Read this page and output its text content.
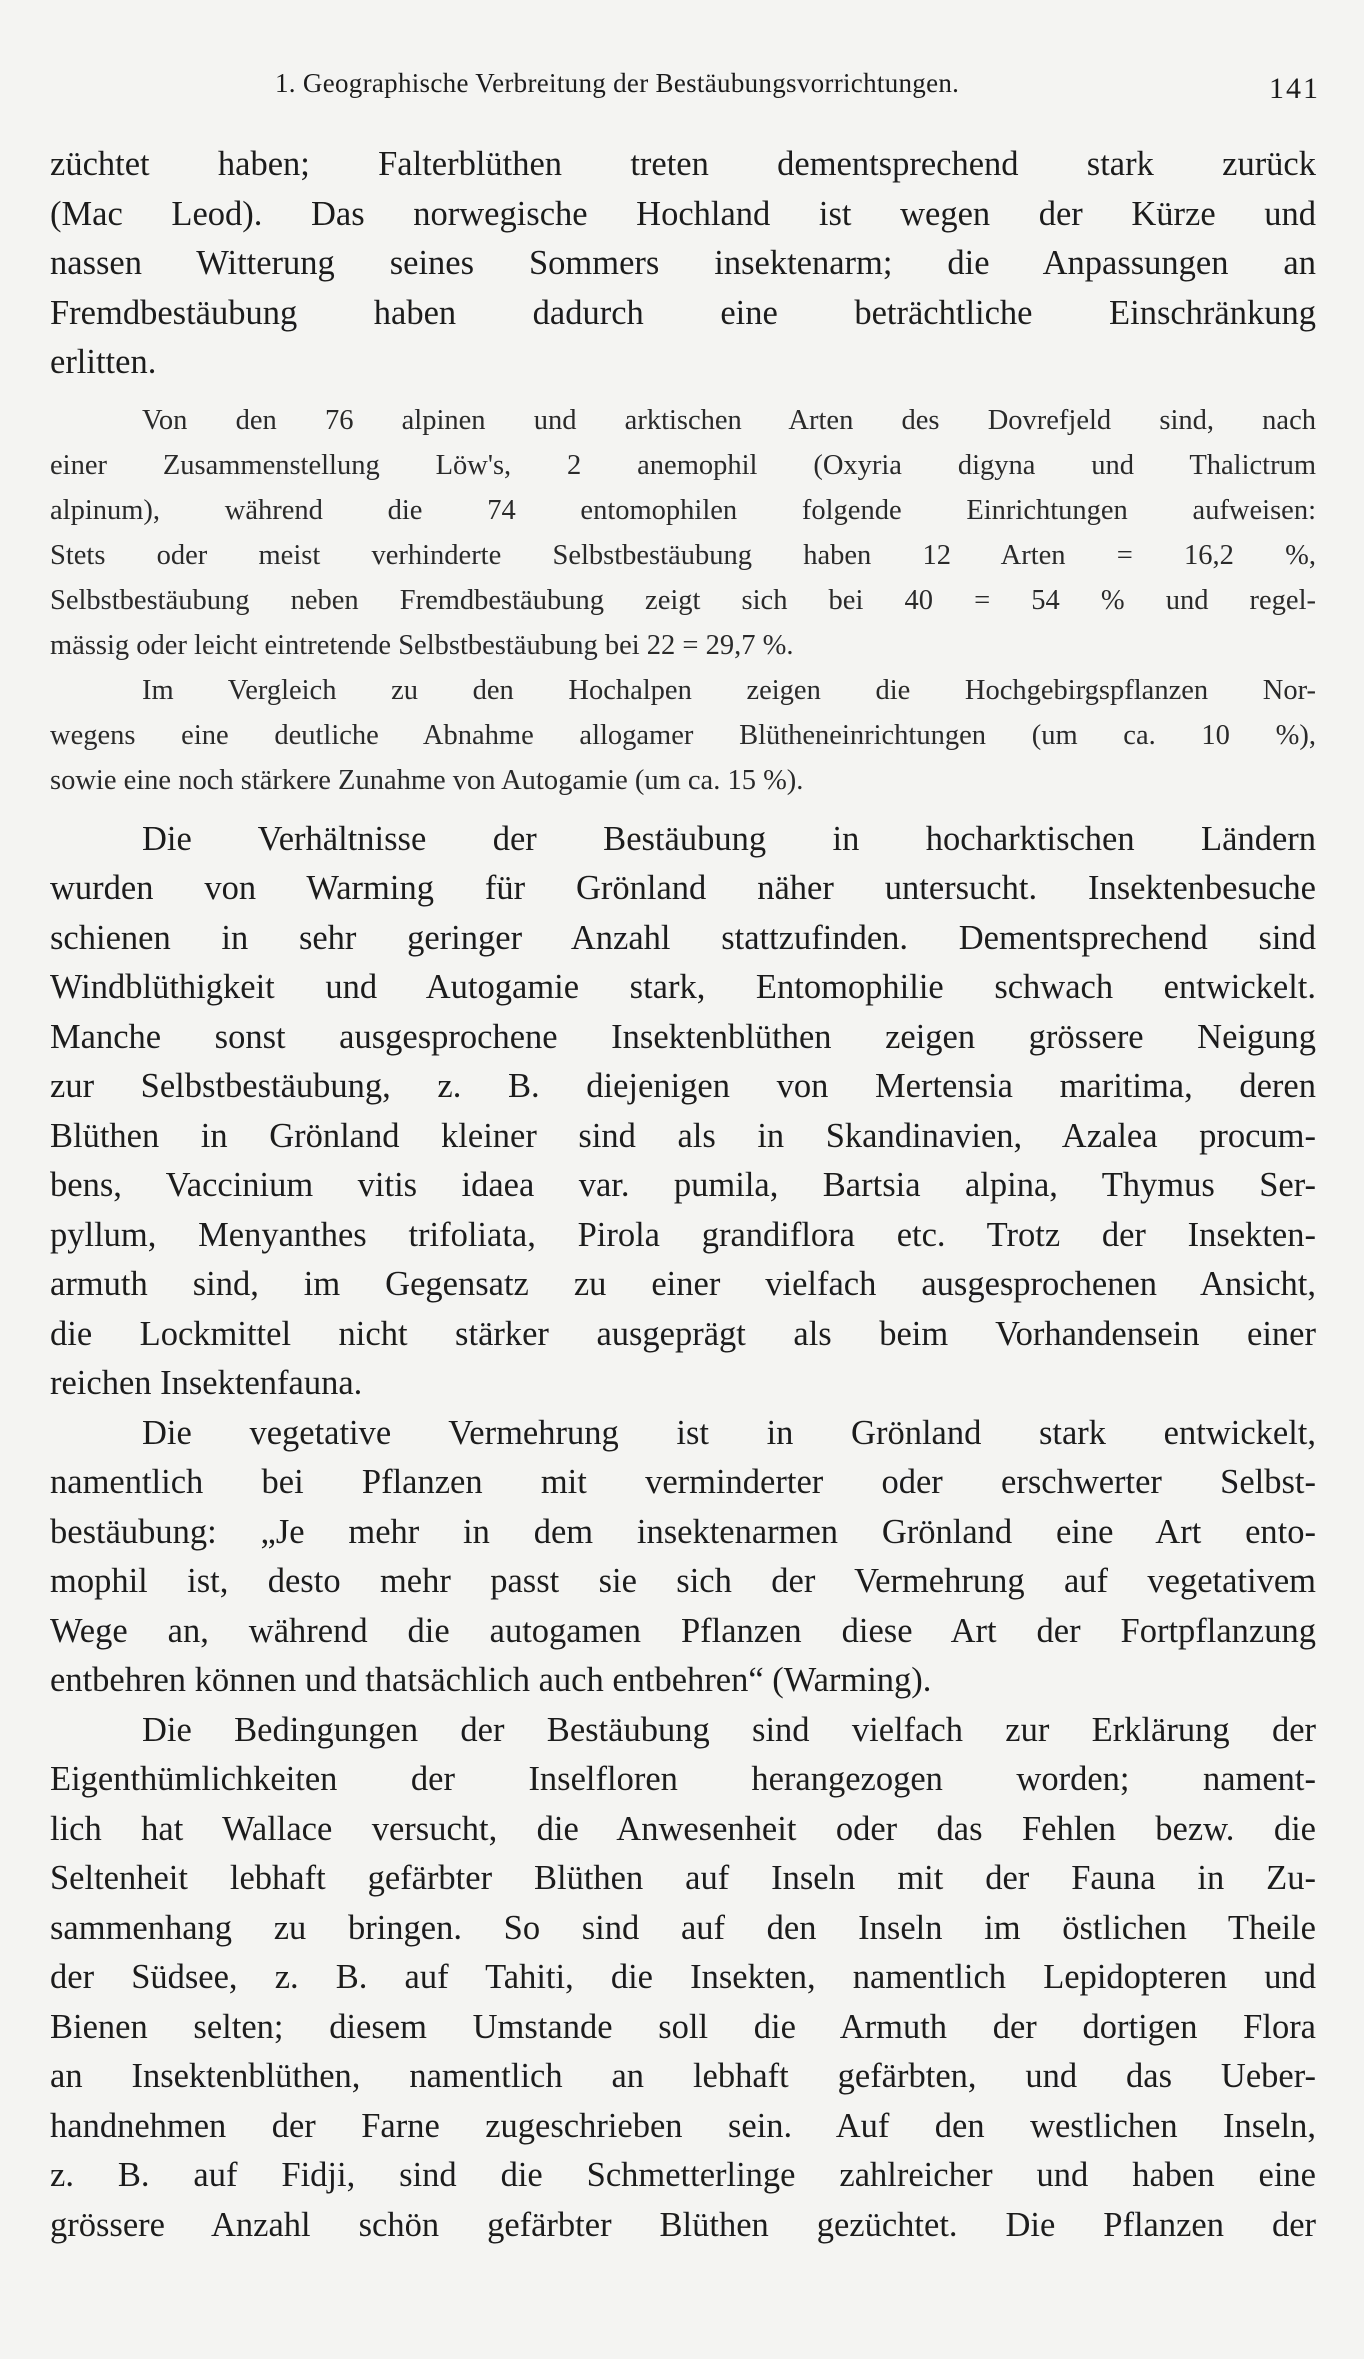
1. Geographische Verbreitung der Bestäubungsvorrichtungen.	141
züchtet haben; Falterblüthen treten dementsprechend stark zurück
(Mac Leod). Das norwegische Hochland ist wegen der Kürze und
nassen Witterung seines Sommers insektenarm; die Anpassungen an
Fremdbestäubung haben dadurch eine beträchtliche Einschränkung
erlitten.
Von den 76 alpinen und arktischen Arten des Dovrefjeld sind, nach
einer Zusammenstellung Löw's, 2 anemophil (Oxyria digyna und Thalictrum
alpinum), während die 74 entomophilen folgende Einrichtungen aufweisen:
Stets oder meist verhinderte Selbstbestäubung haben 12 Arten = 16,2 %,
Selbstbestäubung neben Fremdbestäubung zeigt sich bei 40 = 54 % und regel-
mässig oder leicht eintretende Selbstbestäubung bei 22 = 29,7 %.
Im Vergleich zu den Hochalpen zeigen die Hochgebirgspflanzen Nor-
wegens eine deutliche Abnahme allogamer Blütheneinrichtungen (um ca. 10 %),
sowie eine noch stärkere Zunahme von Autogamie (um ca. 15 %).
Die Verhältnisse der Bestäubung in hocharktischen Ländern
wurden von Warming für Grönland näher untersucht. Insektenbesuche
schienen in sehr geringer Anzahl stattzufinden. Dementsprechend sind
Windblüthigkeit und Autogamie stark, Entomophilie schwach entwickelt.
Manche sonst ausgesprochene Insektenblüthen zeigen grössere Neigung
zur Selbstbestäubung, z. B. diejenigen von Mertensia maritima, deren
Blüthen in Grönland kleiner sind als in Skandinavien, Azalea procum-
bens, Vaccinium vitis idaea var. pumila, Bartsia alpina, Thymus Ser-
pyllum, Menyanthes trifoliata, Pirola grandiflora etc. Trotz der Insekten-
armuth sind, im Gegensatz zu einer vielfach ausgesprochenen Ansicht,
die Lockmittel nicht stärker ausgeprägt als beim Vorhandensein einer
reichen Insektenfauna.
Die vegetative Vermehrung ist in Grönland stark entwickelt,
namentlich bei Pflanzen mit verminderter oder erschwerter Selbst-
bestäubung: „Je mehr in dem insektenarmen Grönland eine Art ento-
mophil ist, desto mehr passt sie sich der Vermehrung auf vegetativem
Wege an, während die autogamen Pflanzen diese Art der Fortpflanzung
entbehren können und thatsächlich auch entbehren“ (Warming).
Die Bedingungen der Bestäubung sind vielfach zur Erklärung der
Eigenthümlichkeiten der Inselfloren herangezogen worden; nament-
lich hat Wallace versucht, die Anwesenheit oder das Fehlen bezw. die
Seltenheit lebhaft gefärbter Blüthen auf Inseln mit der Fauna in Zu-
sammenhang zu bringen. So sind auf den Inseln im östlichen Theile
der Südsee, z. B. auf Tahiti, die Insekten, namentlich Lepidopteren und
Bienen selten; diesem Umstande soll die Armuth der dortigen Flora
an Insektenblüthen, namentlich an lebhaft gefärbten, und das Ueber-
handnehmen der Farne zugeschrieben sein. Auf den westlichen Inseln,
z. B. auf Fidji, sind die Schmetterlinge zahlreicher und haben eine
grössere Anzahl schön gefärbter Blüthen gezüchtet. Die Pflanzen der
